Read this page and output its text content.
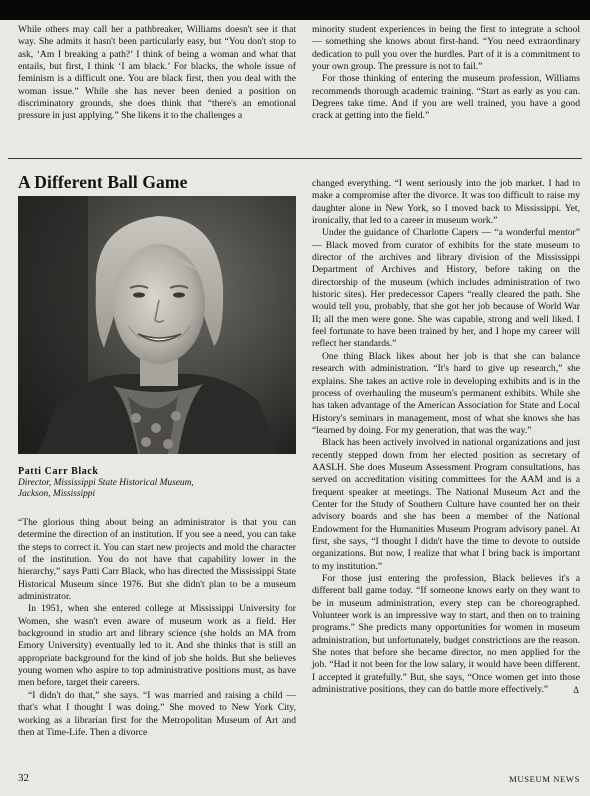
While others may call her a pathbreaker, Williams doesn't see it that way. She admits it hasn't been particularly easy, but “You don't stop to ask, ‘Am I breaking a path?’ I think of being a woman and what that entails, but first, I think ‘I am black.’ For blacks, the whole issue of feminism is a difficult one. You are black first, then you deal with the woman issue.” While she has never been denied a position on discriminatory grounds, she does think that “there's an emotional pressure in just applying.” She likens it to the challenges a

minority student experiences in being the first to integrate a school — something she knows about first-hand. “You need extraordinary dedication to pull you over the hurdles. Part of it is a commitment to your own group. The pressure is not to fail.”

For those thinking of entering the museum profession, Williams recommends thorough academic training. “Start as early as you can. Degrees take time. And if you are well trained, you have a good crack at getting into the field.”

A Different Ball Game
Patti Carr Black
Director, Mississippi State Historical Museum,
Jackson, Mississippi

“The glorious thing about being an administrator is that you can determine the direction of an institution. If you see a need, you can take the steps to correct it. You can start new projects and mold the character of the institution. You do not have that capability lower in the hierarchy,” says Patti Carr Black, who has directed the Mississippi State Historical Museum since 1976. But she didn't plan to be a museum administrator.

In 1951, when she entered college at Mississippi University for Women, she wasn't even aware of museum work as a field. Her background in studio art and library science (she holds an MA from Emory University) eventually led to it. And she thinks that is still an appropriate background for the kind of job she holds. But she believes young women who aspire to top administrative positions must, as have men before, target their careers.

“I didn't do that,” she says. “I was married and raising a child — that's what I thought I was doing.” She moved to New York City, working as a librarian first for the Metropolitan Museum of Art and then at Time-Life. Then a divorce

changed everything. “I went seriously into the job market. I had to make a compromise after the divorce. It was too difficult to raise my daughter alone in New York, so I moved back to Mississippi. Yet, ironically, that led to a career in museum work.”

Under the guidance of Charlotte Capers — “a wonderful mentor” — Black moved from curator of exhibits for the state museum to director of the archives and library division of the Mississippi Department of Archives and History, before taking on the directorship of the museum (which includes administration of two historic sites). Her predecessor Capers “really cleared the path. She would tell you, probably, that she got her job because of World War II; all the men were gone. She was capable, strong and well liked. I feel fortunate to have been trained by her, and I hope my career will reflect her standards.”

One thing Black likes about her job is that she can balance research with administration. “It's hard to give up research,” she explains. She takes an active role in developing exhibits and is in the process of overhauling the museum's permanent exhibits. While she has taken advantage of the American Association for State and Local History's seminars in management, most of what she knows she has “learned by doing. For my generation, that was the way.”

Black has been actively involved in national organizations and just recently stepped down from her elected position as secretary of AASLH. She does Museum Assessment Program consultations, has served on accreditation visiting committees for the AAM and is a frequent speaker at meetings. The National Museum Act and the Center for the Study of Southern Culture have counted her on their advisory boards and she has been a member of the National Endowment for the Humanities Museum Program advisory panel. At first, she says, “I thought I didn't have the time to devote to outside organizations. But now, I realize that what I bring back is important to my institution.”

For those just entering the profession, Black believes it's a different ball game today. “If someone knows early on they want to be in museum administration, every step can be choreographed. Volunteer work is an impressive way to start, and then on to training programs.” She predicts many opportunities for women in museum administration, but unfortunately, budget constrictions are the reason. She notes that before she became director, no men applied for the job. “Had it not been for the low salary, it would have been different. I accepted it gratefully.” But, she says, “Once women get into those administrative positions, they can do battle more effectively.”	Δ

32	MUSEUM NEWS
